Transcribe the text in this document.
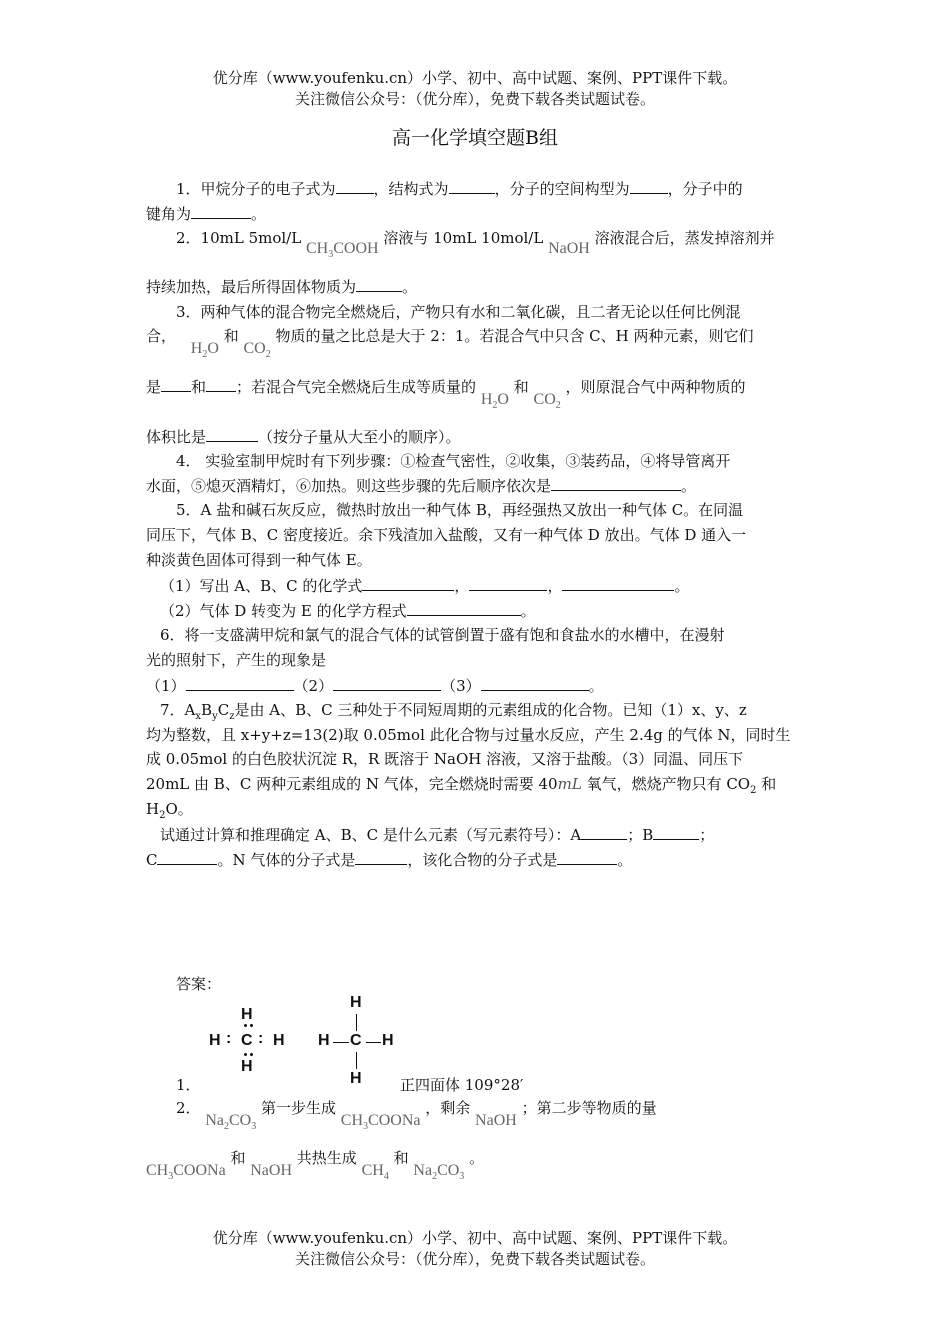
优分库（www.youfenku.cn）小学、初中、高中试题、案例、PPT课件下载。
关注微信公众号：（优分库），免费下载各类试题试卷。
高一化学填空题B组
1．甲烷分子的电子式为	，结构式为	，分子的空间构型为	，分子中的
键角为	。
2．10mL 5mol/L $CH_3COOH$ 溶液与 10mL 10mol/L NaOH 溶液混合后，蒸发掉溶剂并
持续加热，最后所得固体物质为	。
3．两种气体的混合物完全燃烧后，产物只有水和二氧化碳，且二者无论以任何比例混
合， $H_2O$ 和 $CO_2$ 物质的量之比总是大于 2：1。若混合气中只含 C、H 两种元素，则它们
是 和 ；若混合气完全燃烧后生成等质量的 $H_2O$ 和 $CO_2$ ，则原混合气中两种物质的
体积比是	（按分子量从大至小的顺序）。
4． 实验室制甲烷时有下列步骤：①检查气密性，②收集，③装药品，④将导管离开
水面，⑤熄灭酒精灯，⑥加热。则这些步骤的先后顺序依次是	。
5．A 盐和碱石灰反应，微热时放出一种气体 B，再经强热又放出一种气体 C。在同温
同压下，气体 B、C 密度接近。余下残渣加入盐酸，又有一种气体 D 放出。气体 D 通入一
种淡黄色固体可得到一种气体 E。
（1）写出 A、B、C 的化学式	，	，	。
（2）气体 D 转变为 E 的化学方程式	。
6．将一支盛满甲烷和氯气的混合气体的试管倒置于盛有饱和食盐水的水槽中，在漫射
光的照射下，产生的现象是
（1）	（2）	（3）	。
7．$A_xB_yC_z$是由 A、B、C 三种处于不同短周期的元素组成的化合物。已知（1）x、y、z
均为整数，且 x+y+z=13(2)取 0.05mol 此化合物与过量水反应，产生 2.4g 的气体 N，同时生
成 0.05mol 的白色胶状沉淀 R，R 既溶于 NaOH 溶液，又溶于盐酸。（3）同温、同压下
20mL 由 B、C 两种元素组成的 N 气体，完全燃烧时需要 40mL 氧气，燃烧产物只有 $CO_2$ 和
$H_2O$。
试通过计算和推理确定 A、B、C 是什么元素（写元素符号）：A	；B	；
C	。N 气体的分子式是	，该化合物的分子式是	。
答案：
H
H : C : H
H
H
H C H
H
1．	正四面体 109°28′
2． $Na_2CO_3$ 第一步生成 $CH_3COONa$ ，剩余 NaOH ；第二步等物质的量
$CH_3COONa$ 和 NaOH 共热生成 $CH_4$ 和 $Na_2CO_3$ 。
优分库（www.youfenku.cn）小学、初中、高中试题、案例、PPT课件下载。
关注微信公众号：（优分库），免费下载各类试题试卷。
